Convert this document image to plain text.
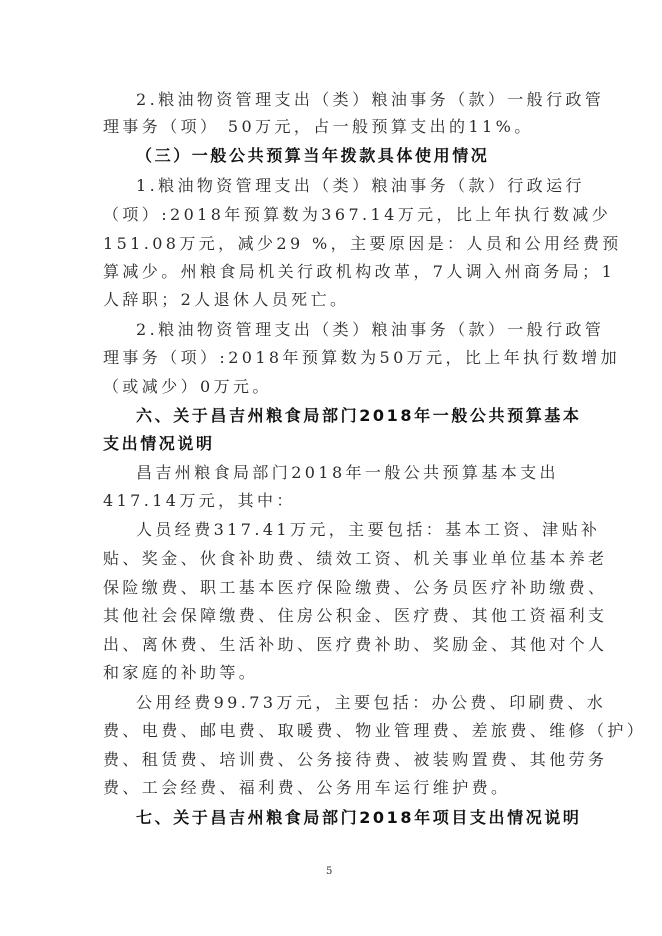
2.粮油物资管理支出（类）粮油事务（款）一般行政管
理事务（项） 50万元，占一般预算支出的11%。
（三）一般公共预算当年拨款具体使用情况
1.粮油物资管理支出（类）粮油事务（款）行政运行
（项）:2018年预算数为367.14万元，比上年执行数减少
151.08万元，减少29 %，主要原因是：人员和公用经费预
算减少。州粮食局机关行政机构改革，7人调入州商务局；1
人辞职；2人退休人员死亡。
2.粮油物资管理支出（类）粮油事务（款）一般行政管
理事务（项）:2018年预算数为50万元，比上年执行数增加
（或减少）0万元。
六、关于昌吉州粮食局部门2018年一般公共预算基本
支出情况说明
昌吉州粮食局部门2018年一般公共预算基本支出
417.14万元，其中：
人员经费317.41万元，主要包括：基本工资、津贴补
贴、奖金、伙食补助费、绩效工资、机关事业单位基本养老
保险缴费、职工基本医疗保险缴费、公务员医疗补助缴费、
其他社会保障缴费、住房公积金、医疗费、其他工资福利支
出、离休费、生活补助、医疗费补助、奖励金、其他对个人
和家庭的补助等。
公用经费99.73万元，主要包括：办公费、印刷费、水
费、电费、邮电费、取暖费、物业管理费、差旅费、维修（护）
费、租赁费、培训费、公务接待费、被装购置费、其他劳务
费、工会经费、福利费、公务用车运行维护费。
七、关于昌吉州粮食局部门2018年项目支出情况说明
5
